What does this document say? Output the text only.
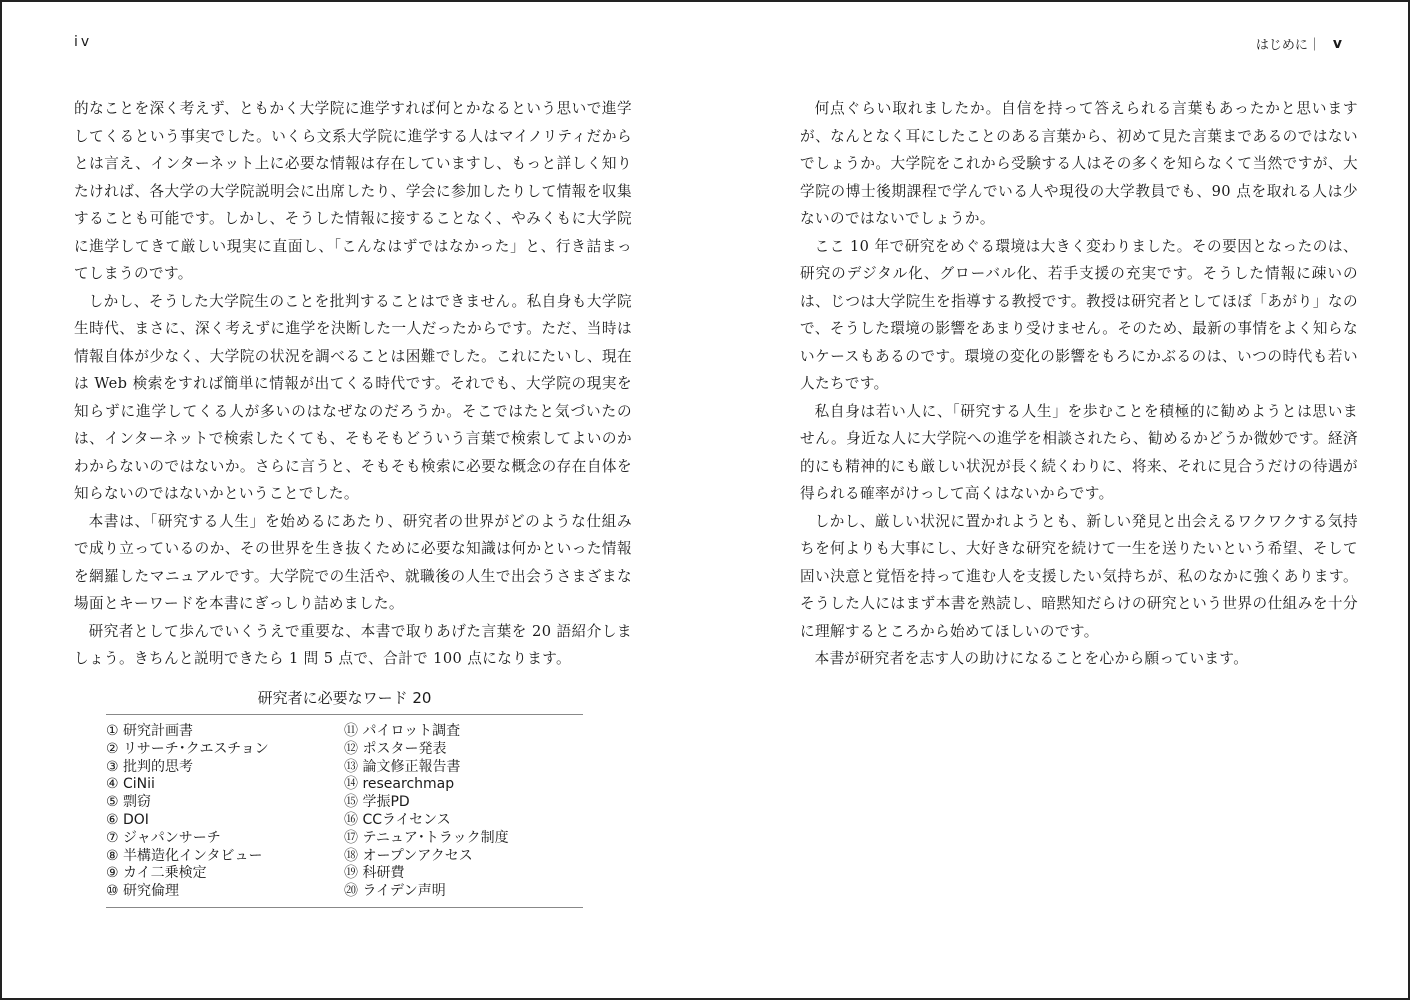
iv	はじめに｜ v

的なことを深く考えず、ともかく大学院に進学すれば何とかなるという思いで進学してくるという事実でした。いくら文系大学院に進学する人はマイノリティだからとは言え、インターネット上に必要な情報は存在していますし、もっと詳しく知りたければ、各大学の大学院説明会に出席したり、学会に参加したりして情報を収集することも可能です。しかし、そうした情報に接することなく、やみくもに大学院に進学してきて厳しい現実に直面し、「こんなはずではなかった」と、行き詰まってしまうのです。

しかし、そうした大学院生のことを批判することはできません。私自身も大学院生時代、まさに、深く考えずに進学を決断した一人だったからです。ただ、当時は情報自体が少なく、大学院の状況を調べることは困難でした。これにたいし、現在は Web 検索をすれば簡単に情報が出てくる時代です。それでも、大学院の現実を知らずに進学してくる人が多いのはなぜなのだろうか。そこではたと気づいたのは、インターネットで検索したくても、そもそもどういう言葉で検索してよいのかわからないのではないか。さらに言うと、そもそも検索に必要な概念の存在自体を知らないのではないかということでした。

本書は、「研究する人生」を始めるにあたり、研究者の世界がどのような仕組みで成り立っているのか、その世界を生き抜くために必要な知識は何かといった情報を網羅したマニュアルです。大学院での生活や、就職後の人生で出会うさまざまな場面とキーワードを本書にぎっしり詰めました。

研究者として歩んでいくうえで重要な、本書で取りあげた言葉を 20 語紹介しましょう。きちんと説明できたら 1 問 5 点で、合計で 100 点になります。

研究者に必要なワード 20
① 研究計画書
② リサーチ･クエスチョン
③ 批判的思考
④ CiNii
⑤ 剽窃
⑥ DOI
⑦ ジャパンサーチ
⑧ 半構造化インタビュー
⑨ カイ二乗検定
⑩ 研究倫理
⑪ パイロット調査
⑫ ポスター発表
⑬ 論文修正報告書
⑭ researchmap
⑮ 学振PD
⑯ CCライセンス
⑰ テニュア･トラック制度
⑱ オープンアクセス
⑲ 科研費
⑳ ライデン声明

何点ぐらい取れましたか。自信を持って答えられる言葉もあったかと思いますが、なんとなく耳にしたことのある言葉から、初めて見た言葉まであるのではないでしょうか。大学院をこれから受験する人はその多くを知らなくて当然ですが、大学院の博士後期課程で学んでいる人や現役の大学教員でも、90 点を取れる人は少ないのではないでしょうか。

ここ 10 年で研究をめぐる環境は大きく変わりました。その要因となったのは、研究のデジタル化、グローバル化、若手支援の充実です。そうした情報に疎いのは、じつは大学院生を指導する教授です。教授は研究者としてほぼ「あがり」なので、そうした環境の影響をあまり受けません。そのため、最新の事情をよく知らないケースもあるのです。環境の変化の影響をもろにかぶるのは、いつの時代も若い人たちです。

私自身は若い人に、「研究する人生」を歩むことを積極的に勧めようとは思いません。身近な人に大学院への進学を相談されたら、勧めるかどうか微妙です。経済的にも精神的にも厳しい状況が長く続くわりに、将来、それに見合うだけの待遇が得られる確率がけっして高くはないからです。

しかし、厳しい状況に置かれようとも、新しい発見と出会えるワクワクする気持ちを何よりも大事にし、大好きな研究を続けて一生を送りたいという希望、そして固い決意と覚悟を持って進む人を支援したい気持ちが、私のなかに強くあります。そうした人にはまず本書を熟読し、暗黙知だらけの研究という世界の仕組みを十分に理解するところから始めてほしいのです。

本書が研究者を志す人の助けになることを心から願っています。
